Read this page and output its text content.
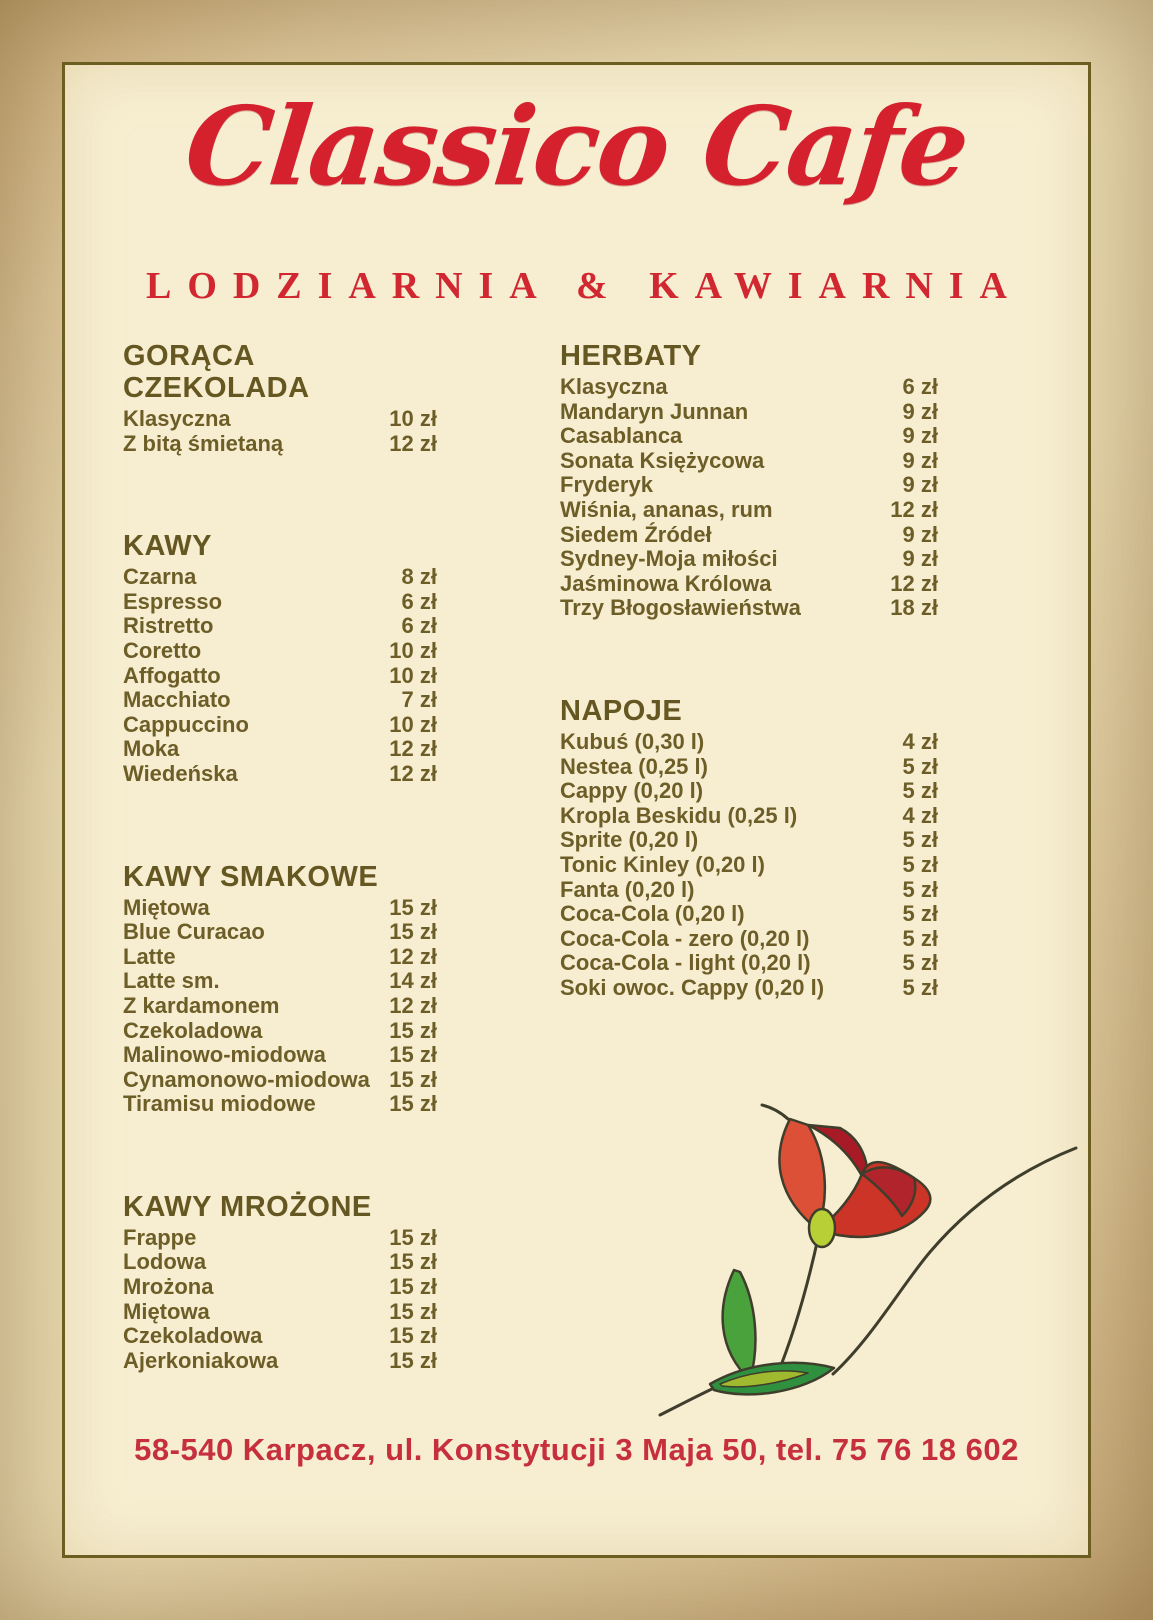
Classico Cafe
LODZIARNIA & KAWIARNIA
GORĄCA CZEKOLADA
Klasyczna	10 zł
Z bitą śmietaną	12 zł
KAWY
Czarna	8 zł
Espresso	6 zł
Ristretto	6 zł
Coretto	10 zł
Affogatto	10 zł
Macchiato	7 zł
Cappuccino	10 zł
Moka	12 zł
Wiedeńska	12 zł
KAWY SMAKOWE
Miętowa	15 zł
Blue Curacao	15 zł
Latte	12 zł
Latte sm.	14 zł
Z kardamonem	12 zł
Czekoladowa	15 zł
Malinowo-miodowa	15 zł
Cynamonowo-miodowa 15 zł
Tiramisu miodowe	15 zł
KAWY MROŻONE
Frappe	15 zł
Lodowa	15 zł
Mrożona	15 zł
Miętowa	15 zł
Czekoladowa	15 zł
Ajerkoniakowa	15 zł
HERBATY
Klasyczna	6 zł
Mandaryn Junnan	9 zł
Casablanca	9 zł
Sonata Księżycowa	9 zł
Fryderyk	9 zł
Wiśnia, ananas, rum	12 zł
Siedem Źródeł	9 zł
Sydney-Moja miłości	9 zł
Jaśminowa Królowa	12 zł
Trzy Błogosławieństwa	18 zł
NAPOJE
Kubuś (0,30 l)	4 zł
Nestea (0,25 l)	5 zł
Cappy (0,20 l)	5 zł
Kropla Beskidu (0,25 l)	4 zł
Sprite (0,20 l)	5 zł
Tonic Kinley (0,20 l)	5 zł
Fanta (0,20 l)	5 zł
Coca-Cola (0,20 l)	5 zł
Coca-Cola - zero (0,20 l)	5 zł
Coca-Cola - light (0,20 l)	5 zł
Soki owoc. Cappy (0,20 l)	5 zł
58-540 Karpacz, ul. Konstytucji 3 Maja 50, tel. 75 76 18 602
